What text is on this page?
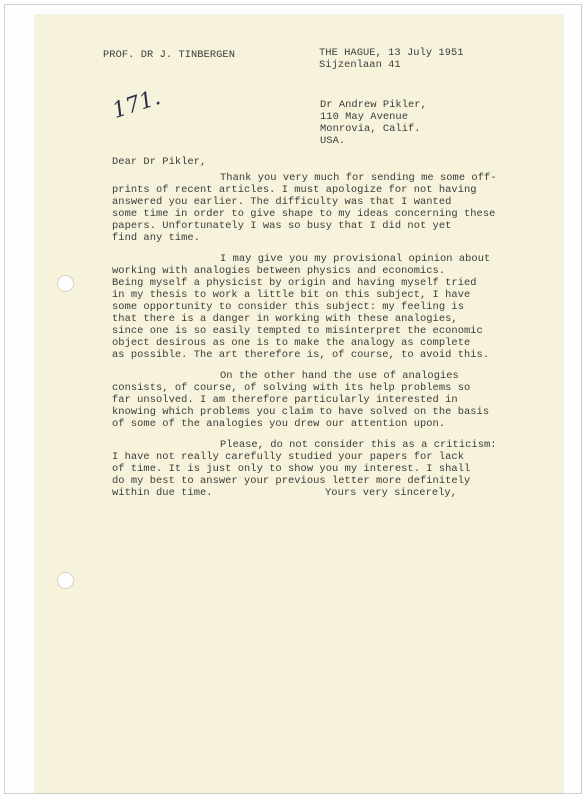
PROF. DR J. TINBERGEN	THE HAGUE, 13 July 1951
Sijzenlaan 41
171.	Dr Andrew Pikler,
110 May Avenue
Monrovia, Calif.
USA.
Dear Dr Pikler,
Thank you very much for sending me some off-
prints of recent articles. I must apologize for not having
answered you earlier. The difficulty was that I wanted
some time in order to give shape to my ideas concerning these
papers. Unfortunately I was so busy that I did not yet
find any time.
I may give you my provisional opinion about
working with analogies between physics and economics.
Being myself a physicist by origin and having myself tried
in my thesis to work a little bit on this subject, I have
some opportunity to consider this subject: my feeling is
that there is a danger in working with these analogies,
since one is so easily tempted to misinterpret the economic
object desirous as one is to make the analogy as complete
as possible. The art therefore is, of course, to avoid this.
On the other hand the use of analogies
consists, of course, of solving with its help problems so
far unsolved. I am therefore particularly interested in
knowing which problems you claim to have solved on the basis
of some of the analogies you drew our attention upon.
Please, do not consider this as a criticism:
I have not really carefully studied your papers for lack
of time. It is just only to show you my interest. I shall
do my best to answer your previous letter more definitely
within due time.	Yours very sincerely,
